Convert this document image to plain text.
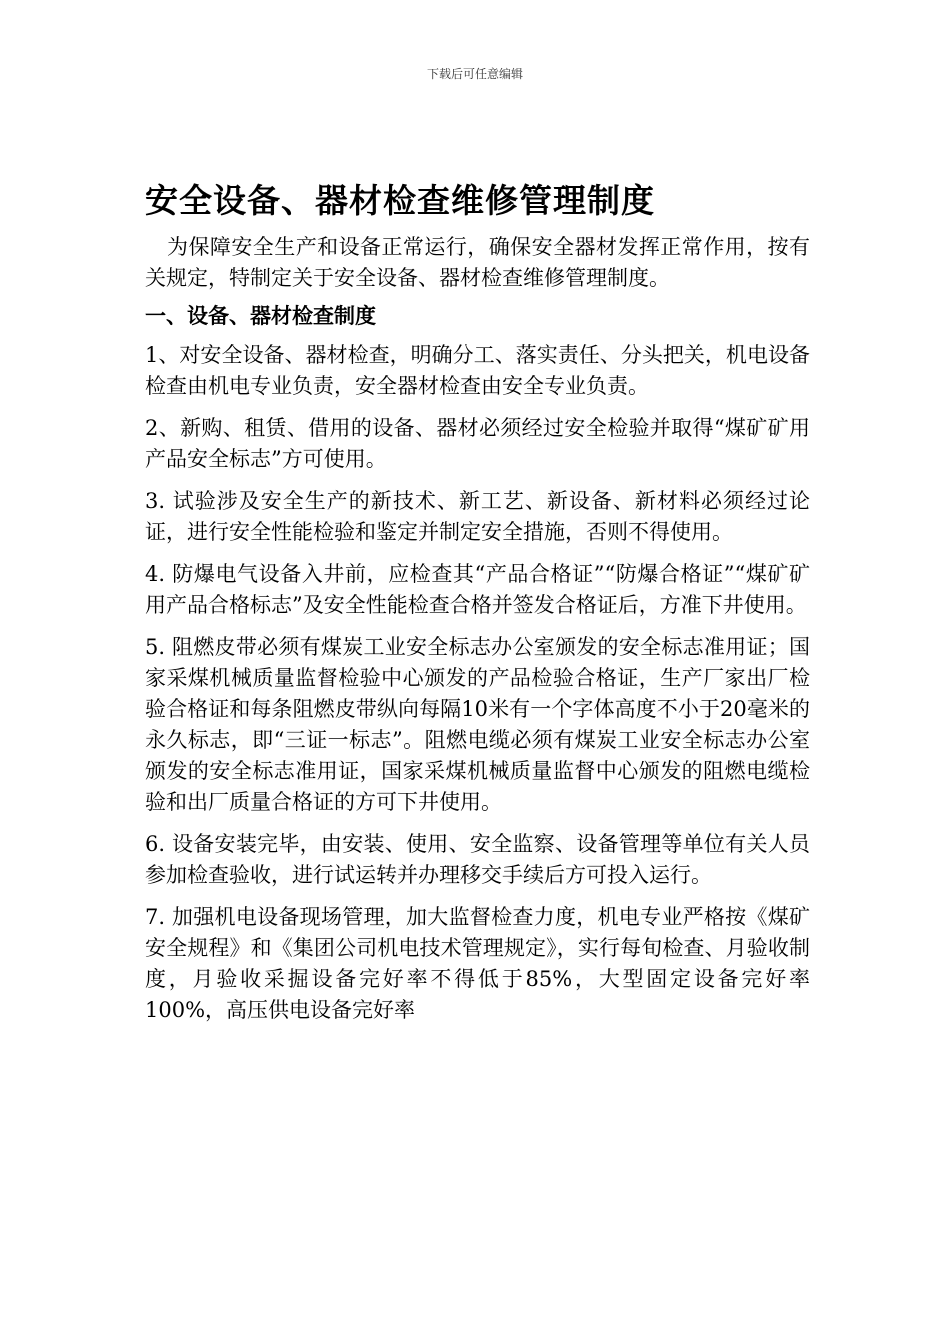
下载后可任意编辑
安全设备、器材检查维修管理制度

为保障安全生产和设备正常运行，确保安全器材发挥正常作用，按有关规定，特制定关于安全设备、器材检查维修管理制度。

一、设备、器材检查制度

1、对安全设备、器材检查，明确分工、落实责任、分头把关，机电设备检查由机电专业负责，安全器材检查由安全专业负责。

2、新购、租赁、借用的设备、器材必须经过安全检验并取得“煤矿矿用产品安全标志”方可使用。

3. 试验涉及安全生产的新技术、新工艺、新设备、新材料必须经过论证，进行安全性能检验和鉴定并制定安全措施，否则不得使用。

4. 防爆电气设备入井前，应检查其“产品合格证”“防爆合格证”“煤矿矿用产品合格标志”及安全性能检查合格并签发合格证后，方准下井使用。

5. 阻燃皮带必须有煤炭工业安全标志办公室颁发的安全标志准用证；国家采煤机械质量监督检验中心颁发的产品检验合格证，生产厂家出厂检验合格证和每条阻燃皮带纵向每隔10米有一个字体高度不小于20毫米的永久标志，即“三证一标志”。阻燃电缆必须有煤炭工业安全标志办公室颁发的安全标志准用证，国家采煤机械质量监督中心颁发的阻燃电缆检验和出厂质量合格证的方可下井使用。

6. 设备安装完毕，由安装、使用、安全监察、设备管理等单位有关人员参加检查验收，进行试运转并办理移交手续后方可投入运行。

7. 加强机电设备现场管理，加大监督检查力度，机电专业严格按《煤矿安全规程》和《集团公司机电技术管理规定》，实行每旬检查、月验收制度，月验收采掘设备完好率不得低于85%，大型固定设备完好率100%，高压供电设备完好率
